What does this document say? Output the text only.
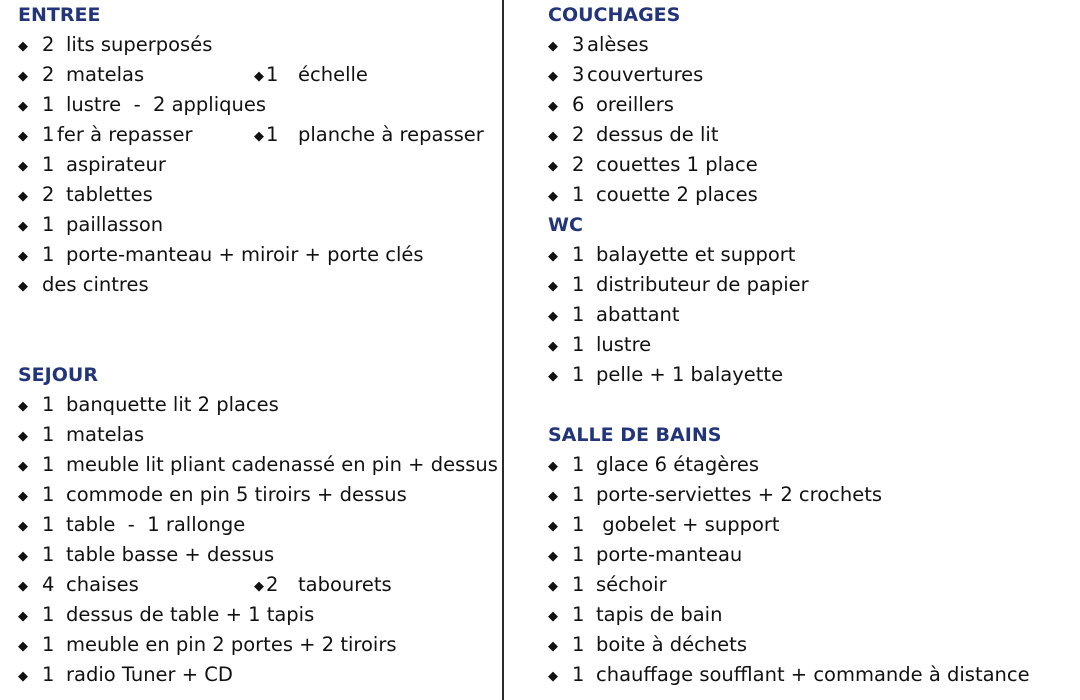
ENTREE
◆2 lits superposés
◆2 matelas ◆	1 échelle
◆1 lustre  -  2 appliques
◆1 fer à repasser ◆	1 planche à repasser
◆1 aspirateur
◆2 tablettes
◆1 paillasson
◆1 porte-manteau + miroir + porte clés
◆des cintres
SEJOUR
◆1 banquette lit 2 places
◆1 matelas
◆1 meuble lit pliant cadenassé en pin + dessus
◆1 commode en pin 5 tiroirs + dessus
◆1 table  -  1 rallonge
◆1 table basse + dessus
◆4 chaises ◆	2 tabourets
◆1 dessus de table + 1 tapis
◆1 meuble en pin 2 portes + 2 tiroirs
◆1 radio Tuner + CD
COUCHAGES
◆3 alèses
◆3 couvertures
◆6 oreillers
◆2 dessus de lit
◆2 couettes 1 place
◆1 couette 2 places
WC
◆1 balayette et support
◆1 distributeur de papier
◆1 abattant
◆1 lustre
◆1 pelle + 1 balayette
SALLE DE BAINS
◆1 glace 6 étagères
◆1 porte-serviettes + 2 crochets
◆1 gobelet + support
◆1 porte-manteau
◆1 séchoir
◆1 tapis de bain
◆1 boite à déchets
◆1 chauffage soufflant + commande à distance
